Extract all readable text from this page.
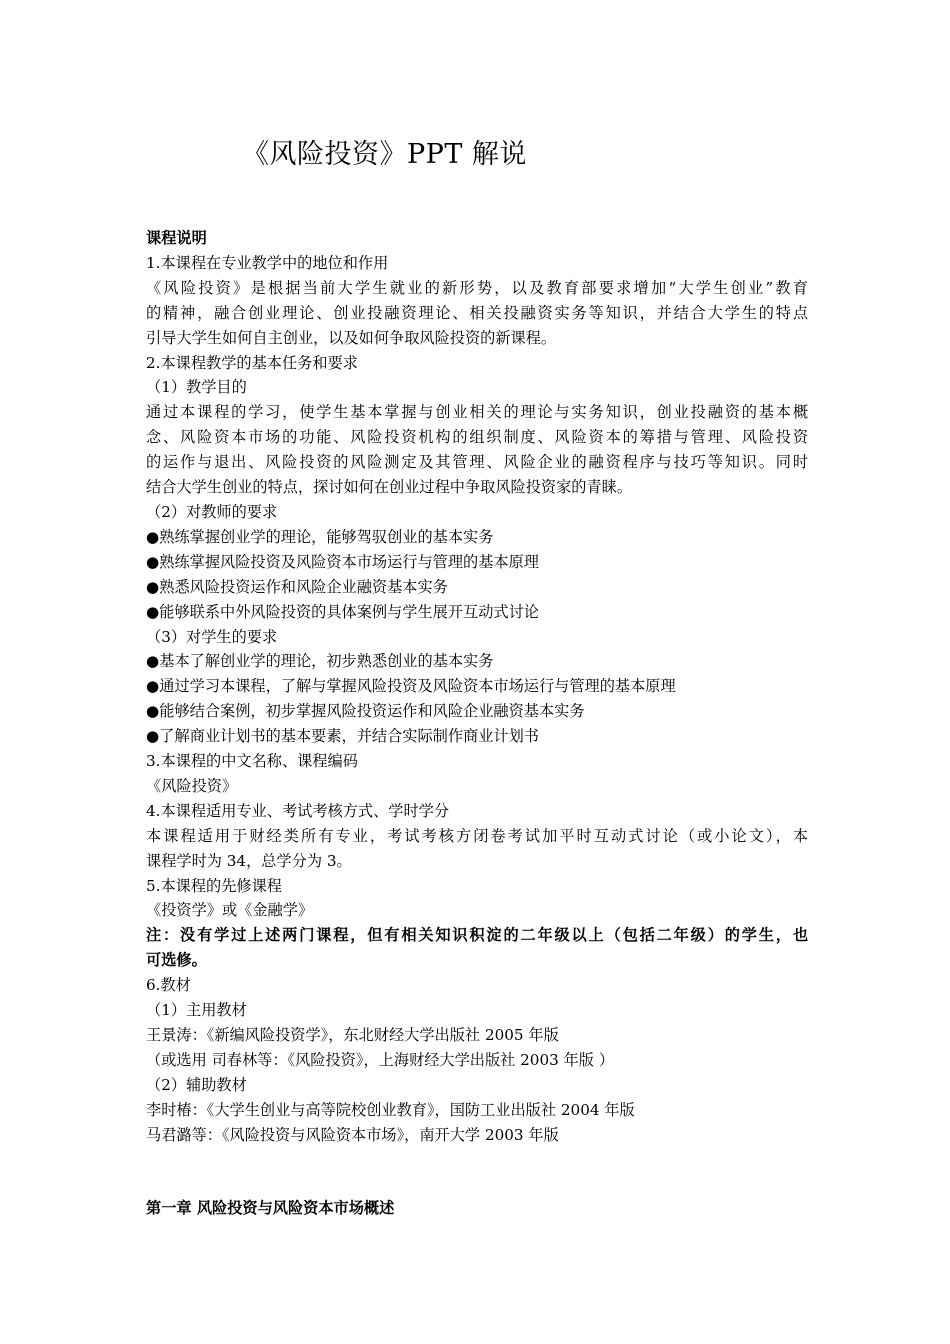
《风险投资》PPT 解说
课程说明
1.本课程在专业教学中的地位和作用
《风险投资》是根据当前大学生就业的新形势，以及教育部要求增加“大学生创业”教育
的精神，融合创业理论、创业投融资理论、相关投融资实务等知识，并结合大学生的特点
引导大学生如何自主创业，以及如何争取风险投资的新课程。
2.本课程教学的基本任务和要求
（1）教学目的
通过本课程的学习，使学生基本掌握与创业相关的理论与实务知识，创业投融资的基本概
念、风险资本市场的功能、风险投资机构的组织制度、风险资本的筹措与管理、风险投资
的运作与退出、风险投资的风险测定及其管理、风险企业的融资程序与技巧等知识。同时
结合大学生创业的特点，探讨如何在创业过程中争取风险投资家的青睐。
（2）对教师的要求
●熟练掌握创业学的理论，能够驾驭创业的基本实务
●熟练掌握风险投资及风险资本市场运行与管理的基本原理
●熟悉风险投资运作和风险企业融资基本实务
●能够联系中外风险投资的具体案例与学生展开互动式讨论
（3）对学生的要求
●基本了解创业学的理论，初步熟悉创业的基本实务
●通过学习本课程，了解与掌握风险投资及风险资本市场运行与管理的基本原理
●能够结合案例，初步掌握风险投资运作和风险企业融资基本实务
●了解商业计划书的基本要素，并结合实际制作商业计划书
3.本课程的中文名称、课程编码
《风险投资》
4.本课程适用专业、考试考核方式、学时学分
本课程适用于财经类所有专业，考试考核方闭卷考试加平时互动式讨论（或小论文），本
课程学时为 34，总学分为 3。
5.本课程的先修课程
《投资学》或《金融学》
注：没有学过上述两门课程，但有相关知识积淀的二年级以上（包括二年级）的学生，也
可选修。
6.教材
（1）主用教材
王景涛：《新编风险投资学》，东北财经大学出版社 2005 年版
（或选用 司春林等：《风险投资》，上海财经大学出版社 2003 年版 ）
（2）辅助教材
李时椿：《大学生创业与高等院校创业教育》，国防工业出版社 2004 年版
马君潞等：《风险投资与风险资本市场》，南开大学 2003 年版
第一章 风险投资与风险资本市场概述
